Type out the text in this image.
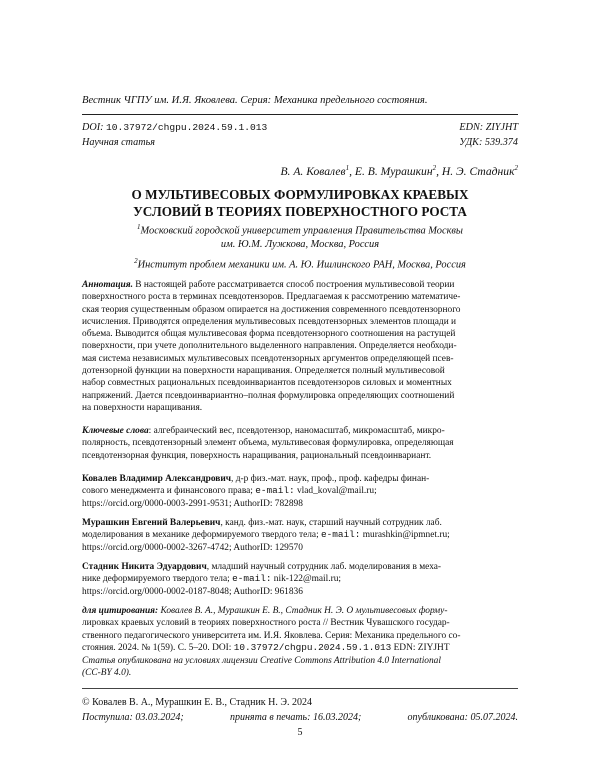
Вестник ЧГПУ им. И.Я. Яковлева. Серия: Механика предельного состояния.
DOI: 10.37972/chgpu.2024.59.1.013	EDN: ZIYJHT
Научная статья	УДК: 539.374
В. А. Ковалев$^1$, Е. В. Мурашкин$^2$, Н. Э. Стадник$^2$
О МУЛЬТИВЕСОВЫХ ФОРМУЛИРОВКАХ КРАЕВЫХ
УСЛОВИЙ В ТЕОРИЯХ ПОВЕРХНОСТНОГО РОСТА
$^1$Московский городской университет управления Правительства Москвы
им. Ю.М. Лужкова, Москва, Россия
$^2$Институт проблем механики им. А. Ю. Ишлинского РАН, Москва, Россия

Аннотация. В настоящей работе рассматривается способ построения мультивесовой теории

поверхностного роста в терминах псевдотензоров. Предлагаемая к рассмотрению математиче-

ская теория существенным образом опирается на достижения современного псевдотензорного

исчисления. Приводятся определения мультивесовых псевдотензорных элементов площади и

объема. Выводится общая мультивесовая форма псевдотензорного соотношения на растущей

поверхности, при учете дополнительного выделенного направления. Определяется необходи-

мая система независимых мультивесовых псевдотензорных аргументов определяющей псев-

дотензорной функции на поверхности наращивания. Определяется полный мультивесовой

набор совместных рациональных псевдоинвариантов псевдотензоров силовых и моментных

напряжений. Дается псевдоинвариантно–полная формулировка определяющих соотношений

на поверхности наращивания.

Ключевые слова: алгебраический вес, псевдотензор, наномасштаб, микромасштаб, микро-

полярность, псевдотензорный элемент объема, мультивесовая формулировка, определяющая

псевдотензорная функция, поверхность наращивания, рациональный псевдоинвариант.

Ковалев Владимир Александрович, д-р физ.-мат. наук, проф., проф. кафедры финан-

сового менеджмента и финансового права; e-mail: vlad_koval@mail.ru;

https://orcid.org/0000-0003-2991-9531; AuthorID: 782898

Мурашкин Евгений Валерьевич, канд. физ.-мат. наук, старший научный сотрудник лаб.

моделирования в механике деформируемого твердого тела; e-mail: murashkin@ipmnet.ru;

https://orcid.org/0000-0002-3267-4742; AuthorID: 129570

Стадник Никита Эдуардович, младший научный сотрудник лаб. моделирования в меха-

нике деформируемого твердого тела; e-mail: nik-122@mail.ru;

https://orcid.org/0000-0002-0187-8048; AuthorID: 961836

для цитирования: Ковалев В. А., Мурашкин Е. В., Стадник Н. Э. О мультивесовых форму-

лировках краевых условий в теориях поверхностного роста // Вестник Чувашского государ-

ственного педагогического университета им. И.Я. Яковлева. Серия: Механика предельного со-

стояния. 2024. № 1(59). С. 5–20. DOI: 10.37972/chgpu.2024.59.1.013 EDN: ZIYJHT

Статья опубликована на условиях лицензии Creative Commons Attribution 4.0 International

(CC-BY 4.0).

© Ковалев В. А., Мурашкин Е. В., Стадник Н. Э. 2024
Поступила: 03.03.2024;	принята в печать: 16.03.2024;	опубликована: 05.07.2024.
5
